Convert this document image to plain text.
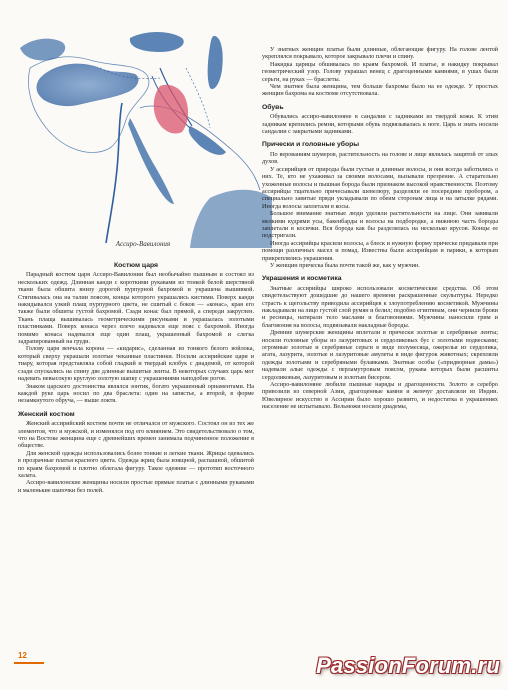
Ассиро-Вавилония
Костюм царя

Парадный костюм царя Ассиро-Вавилонии был необычайно пышным и состоял из нескольких одежд. Длинная канди с короткими рукавами из тонкой белой шерстяной ткани была обшита внизу дорогой пурпурной бахромой и украшена вышивкой. Стягивалась она на талии поясом, концы которого украшались кистями. Поверх канди накидывался узкий плащ пурпурного цвета, не сшитый с боков — «конас», края его также были обшиты густой бахромой. Сзади конас был прямой, а спереди закруглен. Ткань плаща вышивалась геометрическими рисунками и украшалась золотыми пластинками. Поверх конаса через плечо надевался еще пояс с бахромой. Иногда помимо конаса надевался еще один плащ, украшенный бахромой и слегка задрапированный на груди.

Голову царя венчала корона — «кидарис», сделанная из тонкого белого войлока, который сверху украшали золотые чеканные пластинки. Носили ассирийские цари и тиару, которая представляла собой гладкий и твердый клобук с диадемой, от которой сзади спускались на спину две длинные вышитые ленты. В некоторых случаях царь мог надевать невысокую круглую золотую шапку с украшениями наподобие рогов.

Знаком царского достоинства являлся зонтик, богато украшенный орнаментами. На каждой руке царь носил по два браслета: один на запястье, а второй, в форме незамкнутого обруча, — выше локтя.

Женский костюм

Женский ассирийский костюм почти не отличался от мужского. Состоял он из тех же элементов, что и мужской, и изменялся под его влиянием. Это свидетельствовало о том, что на Востоке женщина еще с древнейших времен занимала подчиненное положение в обществе.

Для женской одежды использовались более тонкие и легкие ткани. Жрицы одевались в прозрачные платья красного цвета. Одежда жриц была изящной, распашной, обшитой по краям бахромой и плотно облегала фигуру. Такое одеяние — прототип восточного халата.

Ассиро-вавилонские женщины носили простые прямые платья с длинными рукавами и маленькие шапочки без полей.

У знатных женщин платья были длинные, облегающие фигуру. На голове лентой укреплялся покрывало, которое закрывало плечи и спину.

Накидка царицы обшивалась по краям бахромой. И платье, и накидку покрывал геометрический узор. Голову украшал венец с драгоценными камнями, в ушах были серьги, на руках — браслеты.

Чем знатнее была женщина, тем больше бахромы было на ее одежде. У простых женщин бахрома на костюме отсутствовала.

Обувь

Обувались ассиро-вавилоняне в сандалии с задниками из твердой кожи. К этим задникам крепились ремни, которыми обувь подвязывалась к ноге. Царь и знать носили сандалии с закрытыми задниками.

Прически и головные уборы

По верованиям шумеров, растительность на голове и лице являлась защитой от злых духов.

У ассирийцев от природы были густые и длинные волосы, и они всегда заботились о них. Те, кто не ухаживал за своими волосами, вызывали презрение. А старательно ухоженные волосы и пышная борода были признаком высокой нравственности. Поэтому ассирийцы тщательно причесывали шевелюру, разделяли ее посередине пробором, а специально завитые пряди укладывали по обеим сторонам лица и на затылке рядами. Иногда волосы заплетали в косы.

Большое внимание знатные люди уделяли растительности на лице. Они завивали мелкими кудрями усы, бакенбарды и волосы на подбородке, а нижнюю часть бороды заплетали в косички. Вся борода как бы разделялась на несколько ярусов. Концы ее подстригали.

Иногда ассирийцы красили волосы, а блеск и нужную форму прическе придавали при помощи различных масел и помад. Известны были ассирийцам и парики, к которым прикреплялись украшения.

У женщин прическа была почти такой же, как у мужчин.

Украшения и косметика

Знатные ассирийцы широко использовали косметические средства. Об этом свидетельствуют дошедшие до нашего времени раскрашенные скульптуры. Нередко страсть к щегольству приводила ассирийцев к злоупотреблению косметикой. Мужчины накладывали на лицо густой слой румян и белил; подобно египтянам, они чернили брови и ресницы, натирали тело маслами и благовониями. Мужчины наносили грим и благовония на волосы, подвязывали накладные бороды.

Древние шумерские женщины вплетали в прически золотые и серебряные ленты; носили головные уборы из лазуритовых и сердоликовых бус с золотыми подвесками; огромные золотые и серебряные серьги в виде полумесяца, ожерелья из сердолика, агата, лазурита, золотые и лазуритовые амулеты в виде фигурок животных; скрепляли одежды золотыми и серебряными булавками. Знатные особы («придворные дамы») надевали алые одежды с перламутровым поясом, рукава которых были расшиты сердоликовым, лазуритовым и золотым бисером.

Ассиро-вавилоняне любили пышные наряды и драгоценности. Золото и серебро привозили из северной Азии, драгоценные камни и жемчуг доставляли из Индии. Ювелирное искусство в Ассирии было хорошо развито, и недостатка в украшениях население не испытывало. Вельможи носили диадемы,

12	PassionForum.ru
